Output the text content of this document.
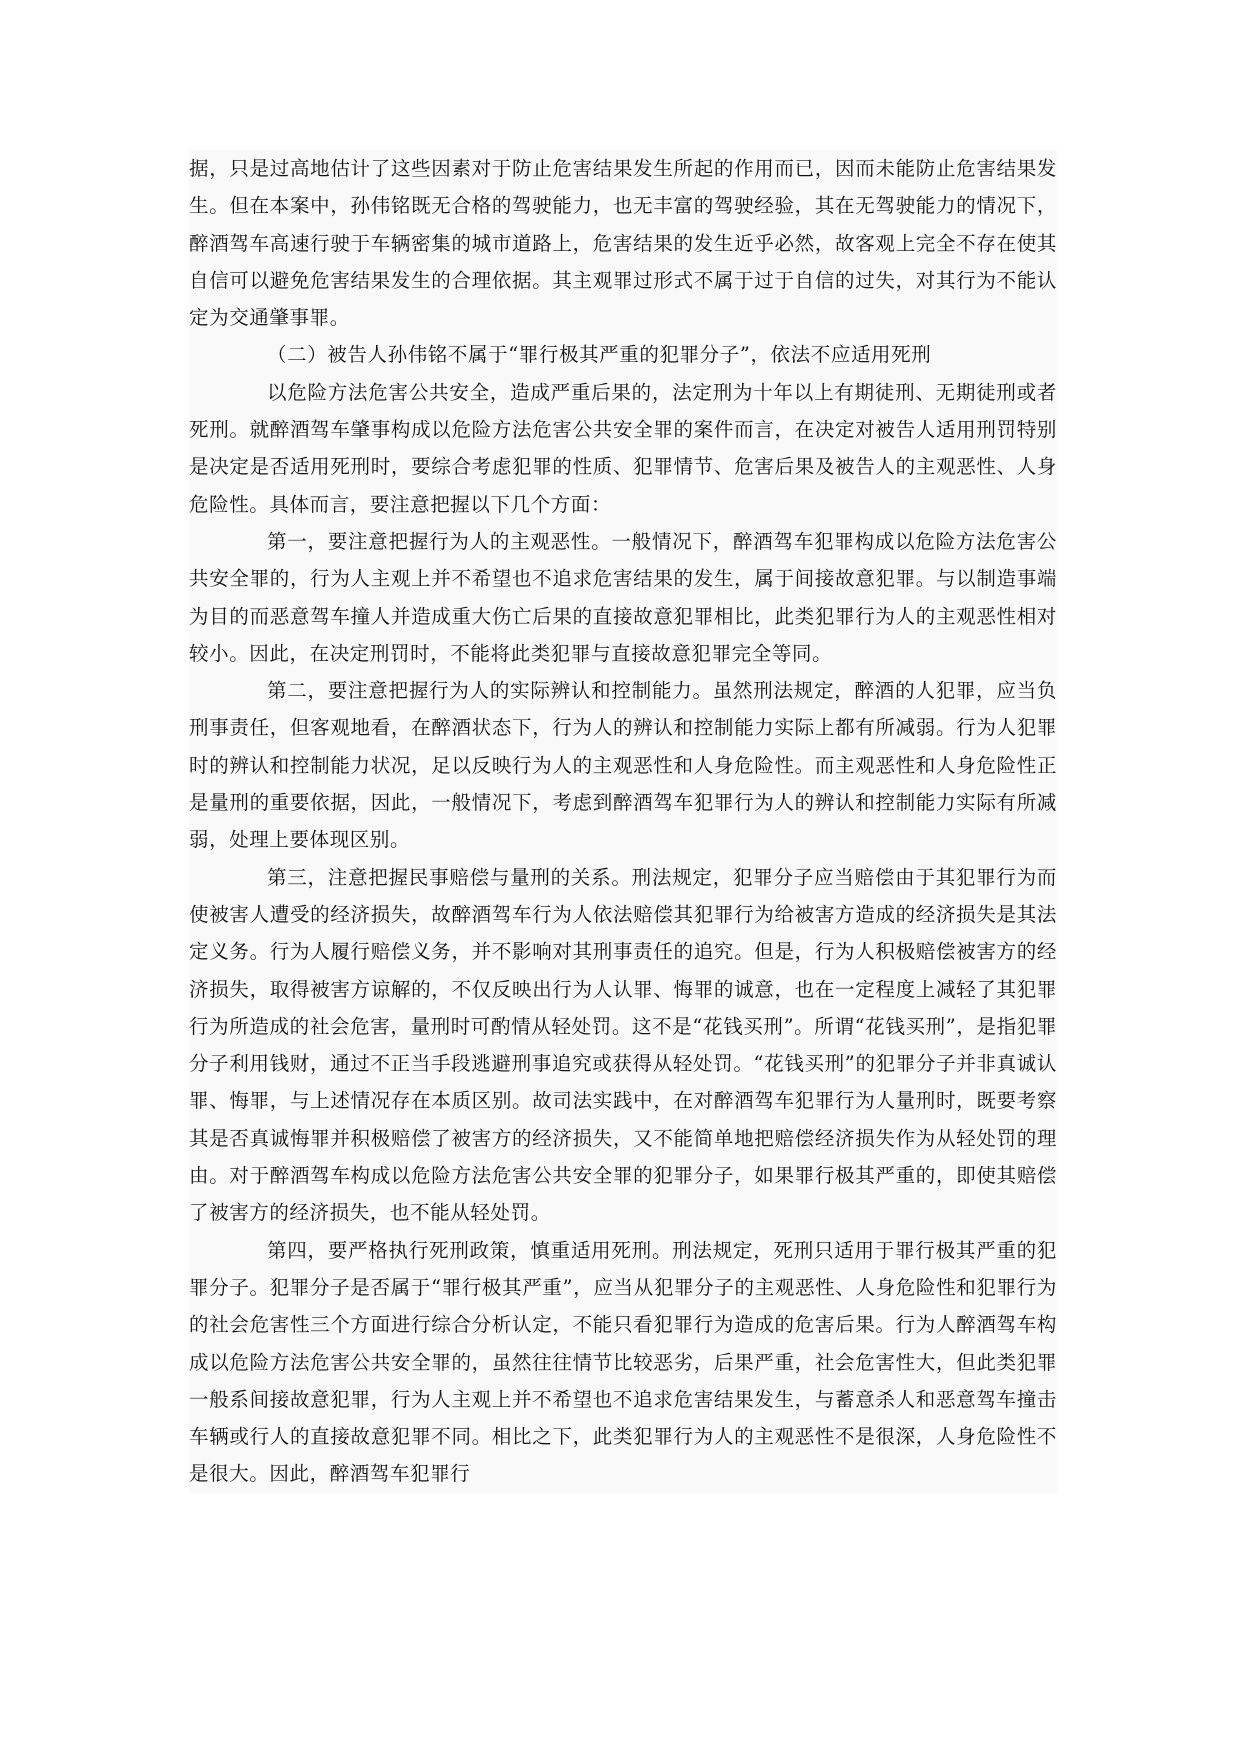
据，只是过高地估计了这些因素对于防止危害结果发生所起的作用而已，因而未能防止危害结果发生。但在本案中，孙伟铭既无合格的驾驶能力，也无丰富的驾驶经验，其在无驾驶能力的情况下，醉酒驾车高速行驶于车辆密集的城市道路上，危害结果的发生近乎必然，故客观上完全不存在使其自信可以避免危害结果发生的合理依据。其主观罪过形式不属于过于自信的过失，对其行为不能认定为交通肇事罪。

（二）被告人孙伟铭不属于“罪行极其严重的犯罪分子”，依法不应适用死刑

以危险方法危害公共安全，造成严重后果的，法定刑为十年以上有期徒刑、无期徒刑或者死刑。就醉酒驾车肇事构成以危险方法危害公共安全罪的案件而言，在决定对被告人适用刑罚特别是决定是否适用死刑时，要综合考虑犯罪的性质、犯罪情节、危害后果及被告人的主观恶性、人身危险性。具体而言，要注意把握以下几个方面：

第一，要注意把握行为人的主观恶性。一般情况下，醉酒驾车犯罪构成以危险方法危害公共安全罪的，行为人主观上并不希望也不追求危害结果的发生，属于间接故意犯罪。与以制造事端为目的而恶意驾车撞人并造成重大伤亡后果的直接故意犯罪相比，此类犯罪行为人的主观恶性相对较小。因此，在决定刑罚时，不能将此类犯罪与直接故意犯罪完全等同。

第二，要注意把握行为人的实际辨认和控制能力。虽然刑法规定，醉酒的人犯罪，应当负刑事责任，但客观地看，在醉酒状态下，行为人的辨认和控制能力实际上都有所减弱。行为人犯罪时的辨认和控制能力状况，足以反映行为人的主观恶性和人身危险性。而主观恶性和人身危险性正是量刑的重要依据，因此，一般情况下，考虑到醉酒驾车犯罪行为人的辨认和控制能力实际有所减弱，处理上要体现区别。

第三，注意把握民事赔偿与量刑的关系。刑法规定，犯罪分子应当赔偿由于其犯罪行为而使被害人遭受的经济损失，故醉酒驾车行为人依法赔偿其犯罪行为给被害方造成的经济损失是其法定义务。行为人履行赔偿义务，并不影响对其刑事责任的追究。但是，行为人积极赔偿被害方的经济损失，取得被害方谅解的，不仅反映出行为人认罪、悔罪的诚意，也在一定程度上减轻了其犯罪行为所造成的社会危害，量刑时可酌情从轻处罚。这不是“花钱买刑”。所谓“花钱买刑”，是指犯罪分子利用钱财，通过不正当手段逃避刑事追究或获得从轻处罚。“花钱买刑”的犯罪分子并非真诚认罪、悔罪，与上述情况存在本质区别。故司法实践中，在对醉酒驾车犯罪行为人量刑时，既要考察其是否真诚悔罪并积极赔偿了被害方的经济损失，又不能简单地把赔偿经济损失作为从轻处罚的理由。对于醉酒驾车构成以危险方法危害公共安全罪的犯罪分子，如果罪行极其严重的，即使其赔偿了被害方的经济损失，也不能从轻处罚。

第四，要严格执行死刑政策，慎重适用死刑。刑法规定，死刑只适用于罪行极其严重的犯罪分子。犯罪分子是否属于“罪行极其严重”，应当从犯罪分子的主观恶性、人身危险性和犯罪行为的社会危害性三个方面进行综合分析认定，不能只看犯罪行为造成的危害后果。行为人醉酒驾车构成以危险方法危害公共安全罪的，虽然往往情节比较恶劣，后果严重，社会危害性大，但此类犯罪一般系间接故意犯罪，行为人主观上并不希望也不追求危害结果发生，与蓄意杀人和恶意驾车撞击车辆或行人的直接故意犯罪不同。相比之下，此类犯罪行为人的主观恶性不是很深，人身危险性不是很大。因此，醉酒驾车犯罪行
